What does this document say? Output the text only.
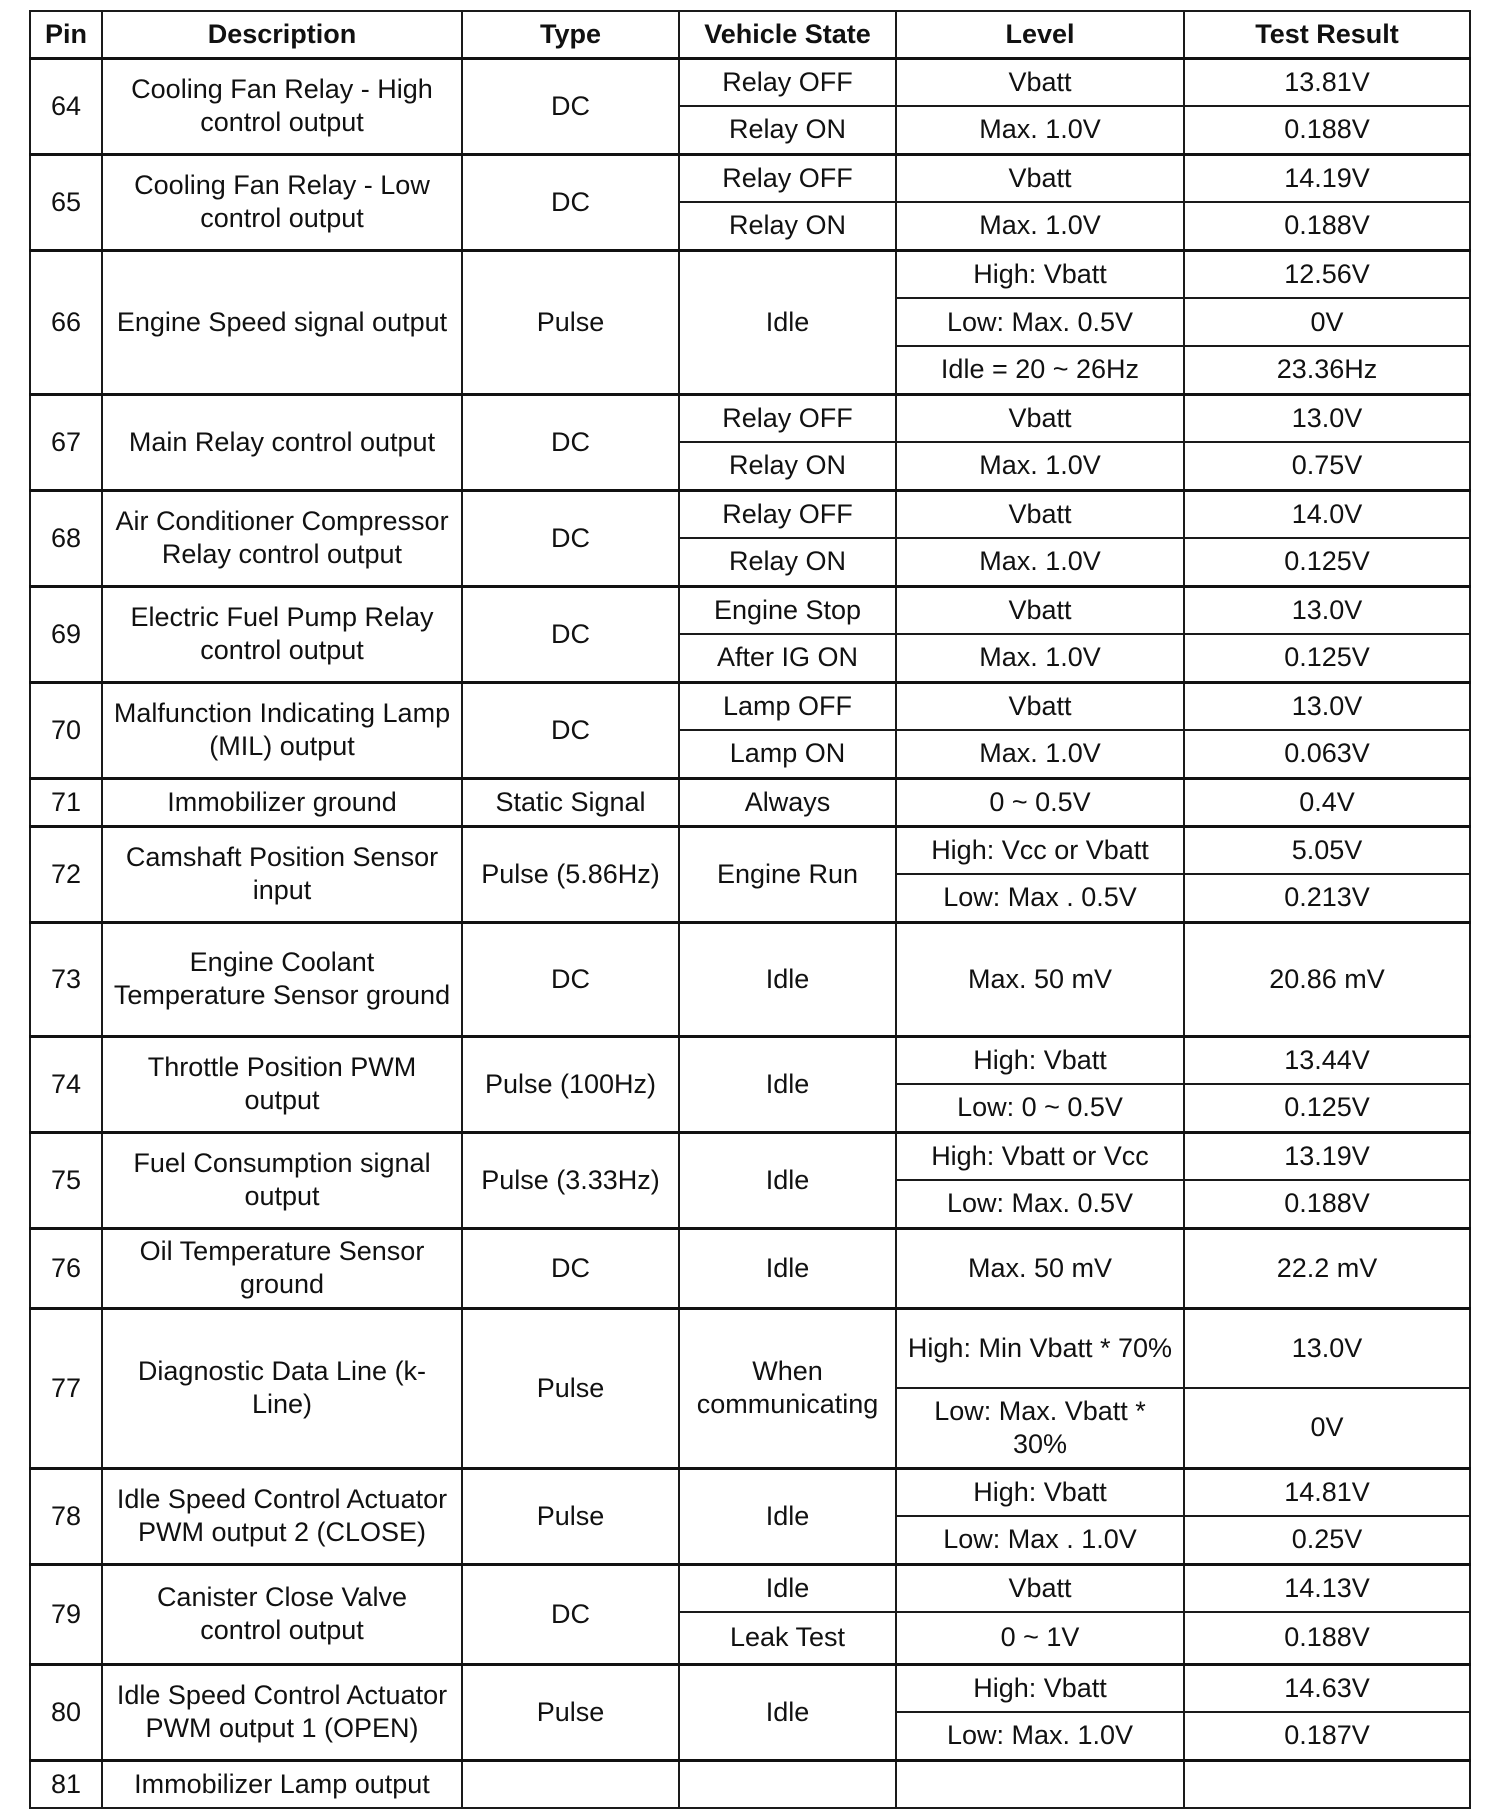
Pin	Description	Type	Vehicle State	Level	Test Result
64	Cooling Fan Relay - High control output	DC	Relay OFF	Vbatt	13.81V
			Relay ON	Max. 1.0V	0.188V
65	Cooling Fan Relay - Low control output	DC	Relay OFF	Vbatt	14.19V
			Relay ON	Max. 1.0V	0.188V
66	Engine Speed signal output	Pulse	Idle	High: Vbatt	12.56V
				Low: Max. 0.5V	0V
				Idle = 20 ~ 26Hz	23.36Hz
67	Main Relay control output	DC	Relay OFF	Vbatt	13.0V
			Relay ON	Max. 1.0V	0.75V
68	Air Conditioner Compressor Relay control output	DC	Relay OFF	Vbatt	14.0V
			Relay ON	Max. 1.0V	0.125V
69	Electric Fuel Pump Relay control output	DC	Engine Stop	Vbatt	13.0V
			After IG ON	Max. 1.0V	0.125V
70	Malfunction Indicating Lamp (MIL) output	DC	Lamp OFF	Vbatt	13.0V
			Lamp ON	Max. 1.0V	0.063V
71	Immobilizer ground	Static Signal	Always	0 ~ 0.5V	0.4V
72	Camshaft Position Sensor input	Pulse (5.86Hz)	Engine Run	High: Vcc or Vbatt	5.05V
				Low: Max . 0.5V	0.213V
73	Engine Coolant Temperature Sensor ground	DC	Idle	Max. 50 mV	20.86 mV
74	Throttle Position PWM output	Pulse (100Hz)	Idle	High: Vbatt	13.44V
				Low: 0 ~ 0.5V	0.125V
75	Fuel Consumption signal output	Pulse (3.33Hz)	Idle	High: Vbatt or Vcc	13.19V
				Low: Max. 0.5V	0.188V
76	Oil Temperature Sensor ground	DC	Idle	Max. 50 mV	22.2 mV
77	Diagnostic Data Line (k-Line)	Pulse	When communicating	High: Min Vbatt * 70%	13.0V
				Low: Max. Vbatt * 30%	0V
78	Idle Speed Control Actuator PWM output 2 (CLOSE)	Pulse	Idle	High: Vbatt	14.81V
				Low: Max . 1.0V	0.25V
79	Canister Close Valve control output	DC	Idle	Vbatt	14.13V
			Leak Test	0 ~ 1V	0.188V
80	Idle Speed Control Actuator PWM output 1 (OPEN)	Pulse	Idle	High: Vbatt	14.63V
				Low: Max. 1.0V	0.187V
81	Immobilizer Lamp output				
